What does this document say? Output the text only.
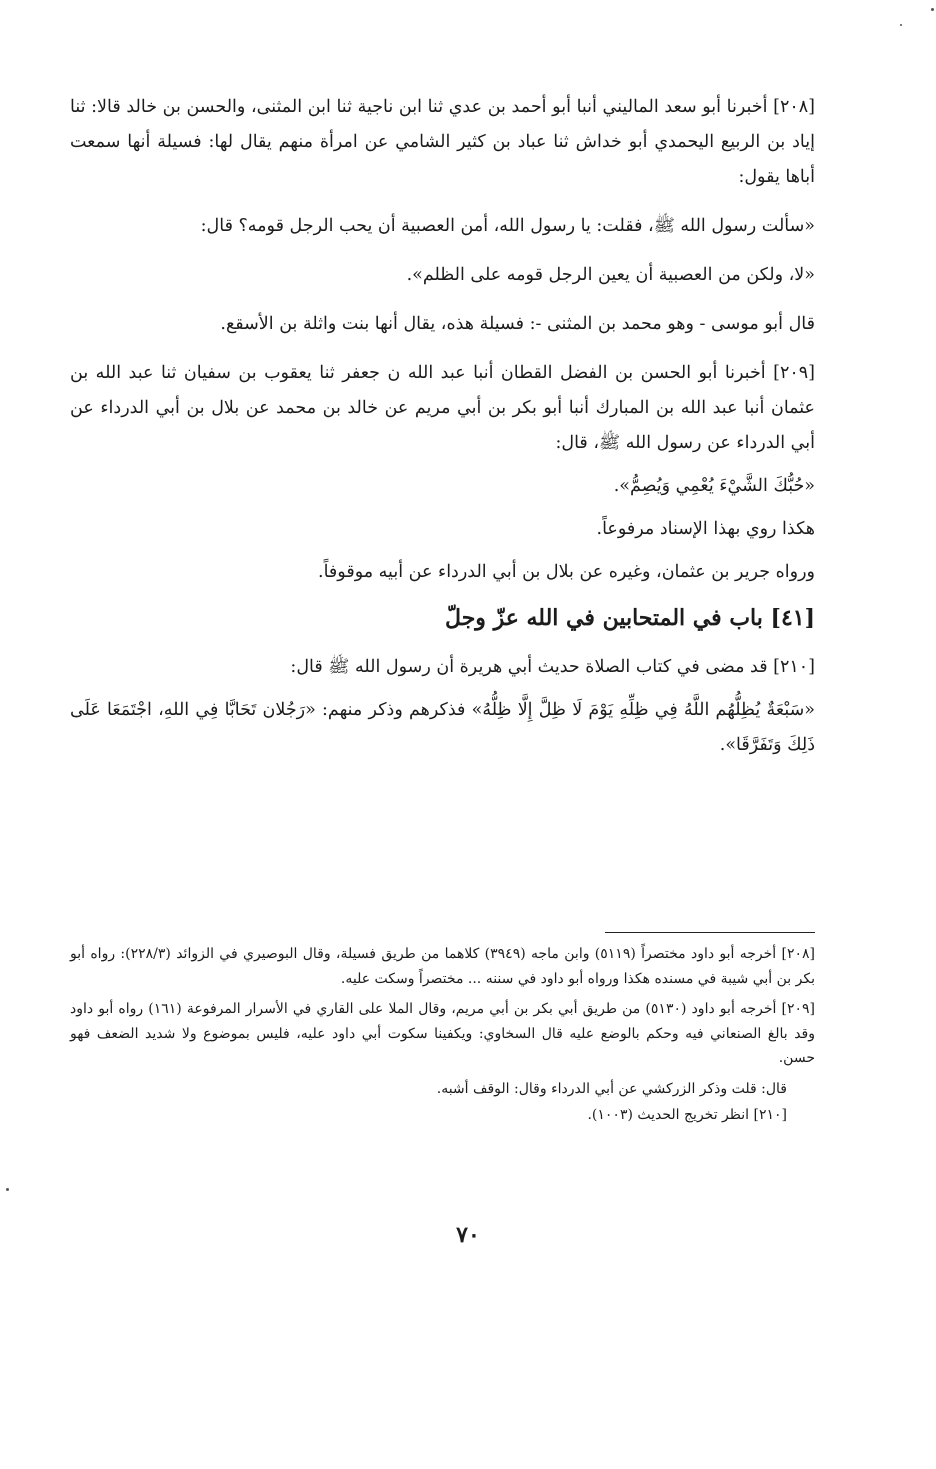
[٢٠٨] أخبرنا أبو سعد الماليني أنبا أبو أحمد بن عدي ثنا ابن ناجية ثنا ابن المثنى، والحسن بن خالد قالا: ثنا إياد بن الربيع اليحمدي أبو خداش ثنا عباد بن كثير الشامي عن امرأة منهم يقال لها: فسيلة أنها سمعت أباها يقول:

«سألت رسول الله ﷺ، فقلت: يا رسول الله، أمن العصبية أن يحب الرجل قومه؟ قال:

«لا، ولكن من العصبية أن يعين الرجل قومه على الظلم».

قال أبو موسى - وهو محمد بن المثنى -: فسيلة هذه، يقال أنها بنت واثلة بن الأسقع.

[٢٠٩] أخبرنا أبو الحسن بن الفضل القطان أنبا عبد الله ن جعفر ثنا يعقوب بن سفيان ثنا عبد الله بن عثمان أنبا عبد الله بن المبارك أنبا أبو بكر بن أبي مريم عن خالد بن محمد عن بلال بن أبي الدرداء عن أبي الدرداء عن رسول الله ﷺ، قال:

«حُبُّكَ الشَّيْءَ يُعْمِي وَيُصِمُّ».

هكذا روي بهذا الإسناد مرفوعاً.

ورواه جرير بن عثمان، وغيره عن بلال بن أبي الدرداء عن أبيه موقوفاً.

[٤١] باب في المتحابين في الله عزّ وجلّ

[٢١٠] قد مضى في كتاب الصلاة حديث أبي هريرة أن رسول الله ﷺ قال:

«سَبْعَةٌ يُظِلُّهُم اللَّهُ فِي ظِلِّهِ يَوْمَ لَا ظِلَّ إِلَّا ظِلُّهُ» فذكرهم وذكر منهم: «رَجُلان تَحَابَّا فِي اللهِ، اجْتَمَعَا عَلَى ذَلِكَ وَتَفَرَّقَا».

[٢٠٨] أخرجه أبو داود مختصراً (٥١١٩) وابن ماجه (٣٩٤٩) كلاهما من طريق فسيلة، وقال البوصيري في الزوائد (٢٢٨/٣): رواه أبو بكر بن أبي شيبة في مسنده هكذا ورواه أبو داود في سننه ... مختصراً وسكت عليه.

[٢٠٩] أخرجه أبو داود (٥١٣٠) من طريق أبي بكر بن أبي مريم، وقال الملا على القاري في الأسرار المرفوعة (١٦١) رواه أبو داود وقد بالغ الصنعاني فيه وحكم بالوضع عليه قال السخاوي: ويكفينا سكوت أبي داود عليه، فليس بموضوع ولا شديد الضعف فهو حسن.

قال: قلت وذكر الزركشي عن أبي الدرداء وقال: الوقف أشبه.

[٢١٠] انظر تخريج الحديث (١٠٠٣).

٧٠
